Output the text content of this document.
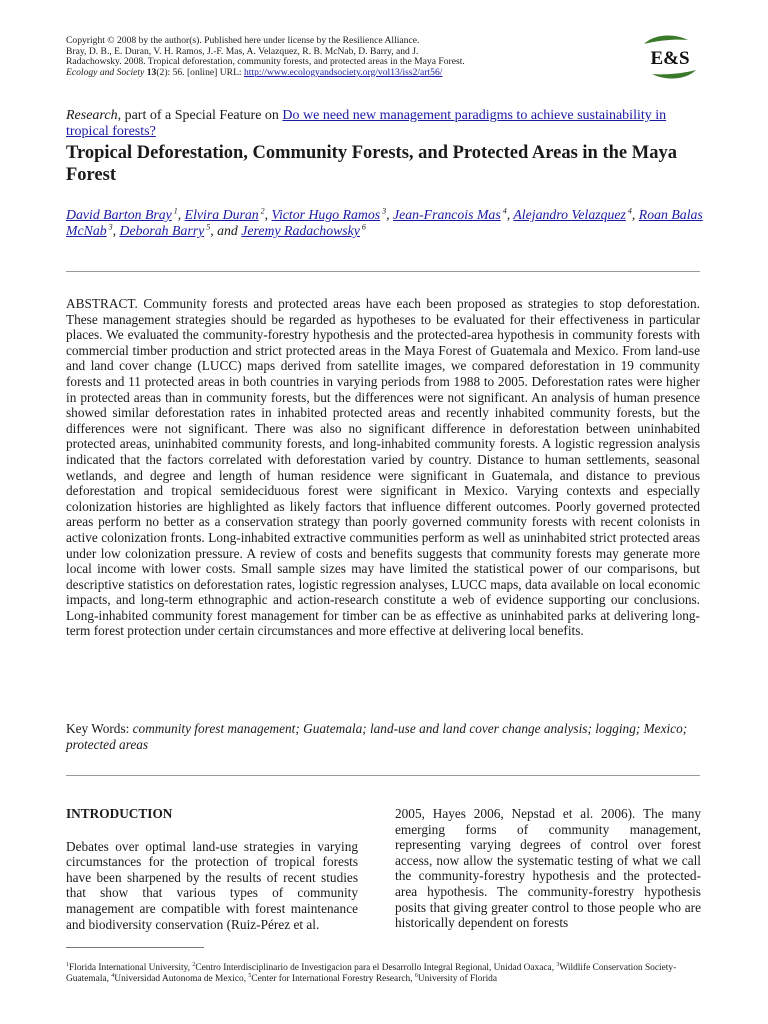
Copyright © 2008 by the author(s). Published here under license by the Resilience Alliance.
Bray, D. B., E. Duran, V. H. Ramos, J.-F. Mas, A. Velazquez, R. B. McNab, D. Barry, and J.
Radachowsky. 2008. Tropical deforestation, community forests, and protected areas in the Maya Forest.
Ecology and Society 13(2): 56. [online] URL: http://www.ecologyandsociety.org/vol13/iss2/art56/
E&S
Research, part of a Special Feature on Do we need new management paradigms to achieve sustainability in tropical forests?
Tropical Deforestation, Community Forests, and Protected Areas in the Maya Forest
David Barton Bray $^1$, Elvira Duran $^2$, Victor Hugo Ramos $^3$, Jean-Francois Mas $^4$, Alejandro Velazquez $^4$, Roan Balas McNab $^3$, Deborah Barry $^5$, and Jeremy Radachowsky $^6$

ABSTRACT. Community forests and protected areas have each been proposed as strategies to stop deforestation. These management strategies should be regarded as hypotheses to be evaluated for their effectiveness in particular places. We evaluated the community-forestry hypothesis and the protected-area hypothesis in community forests with commercial timber production and strict protected areas in the Maya Forest of Guatemala and Mexico. From land-use and land cover change (LUCC) maps derived from satellite images, we compared deforestation in 19 community forests and 11 protected areas in both countries in varying periods from 1988 to 2005. Deforestation rates were higher in protected areas than in community forests, but the differences were not significant. An analysis of human presence showed similar deforestation rates in inhabited protected areas and recently inhabited community forests, but the differences were not significant. There was also no significant difference in deforestation between uninhabited protected areas, uninhabited community forests, and long-inhabited community forests. A logistic regression analysis indicated that the factors correlated with deforestation varied by country. Distance to human settlements, seasonal wetlands, and degree and length of human residence were significant in Guatemala, and distance to previous deforestation and tropical semideciduous forest were significant in Mexico. Varying contexts and especially colonization histories are highlighted as likely factors that influence different outcomes. Poorly governed protected areas perform no better as a conservation strategy than poorly governed community forests with recent colonists in active colonization fronts. Long-inhabited extractive communities perform as well as uninhabited strict protected areas under low colonization pressure. A review of costs and benefits suggests that community forests may generate more local income with lower costs. Small sample sizes may have limited the statistical power of our comparisons, but descriptive statistics on deforestation rates, logistic regression analyses, LUCC maps, data available on local economic impacts, and long-term ethnographic and action-research constitute a web of evidence supporting our conclusions. Long-inhabited community forest management for timber can be as effective as uninhabited parks at delivering long-term forest protection under certain circumstances and more effective at delivering local benefits.

Key Words: community forest management; Guatemala; land-use and land cover change analysis; logging; Mexico; protected areas

INTRODUCTION

Debates over optimal land-use strategies in varying circumstances for the protection of tropical forests have been sharpened by the results of recent studies that show that various types of community management are compatible with forest maintenance and biodiversity conservation (Ruiz-Pérez et al.

2005, Hayes 2006, Nepstad et al. 2006). The many emerging forms of community management, representing varying degrees of control over forest access, now allow the systematic testing of what we call the community-forestry hypothesis and the protected-area hypothesis. The community-forestry hypothesis posits that giving greater control to those people who are historically dependent on forests

$^1$Florida International University, $^2$Centro Interdisciplinario de Investigacion para el Desarrollo Integral Regional, Unidad Oaxaca, $^3$Wildlife Conservation Society-Guatemala, $^4$Universidad Autonoma de Mexico, $^5$Center for International Forestry Research, $^6$University of Florida
